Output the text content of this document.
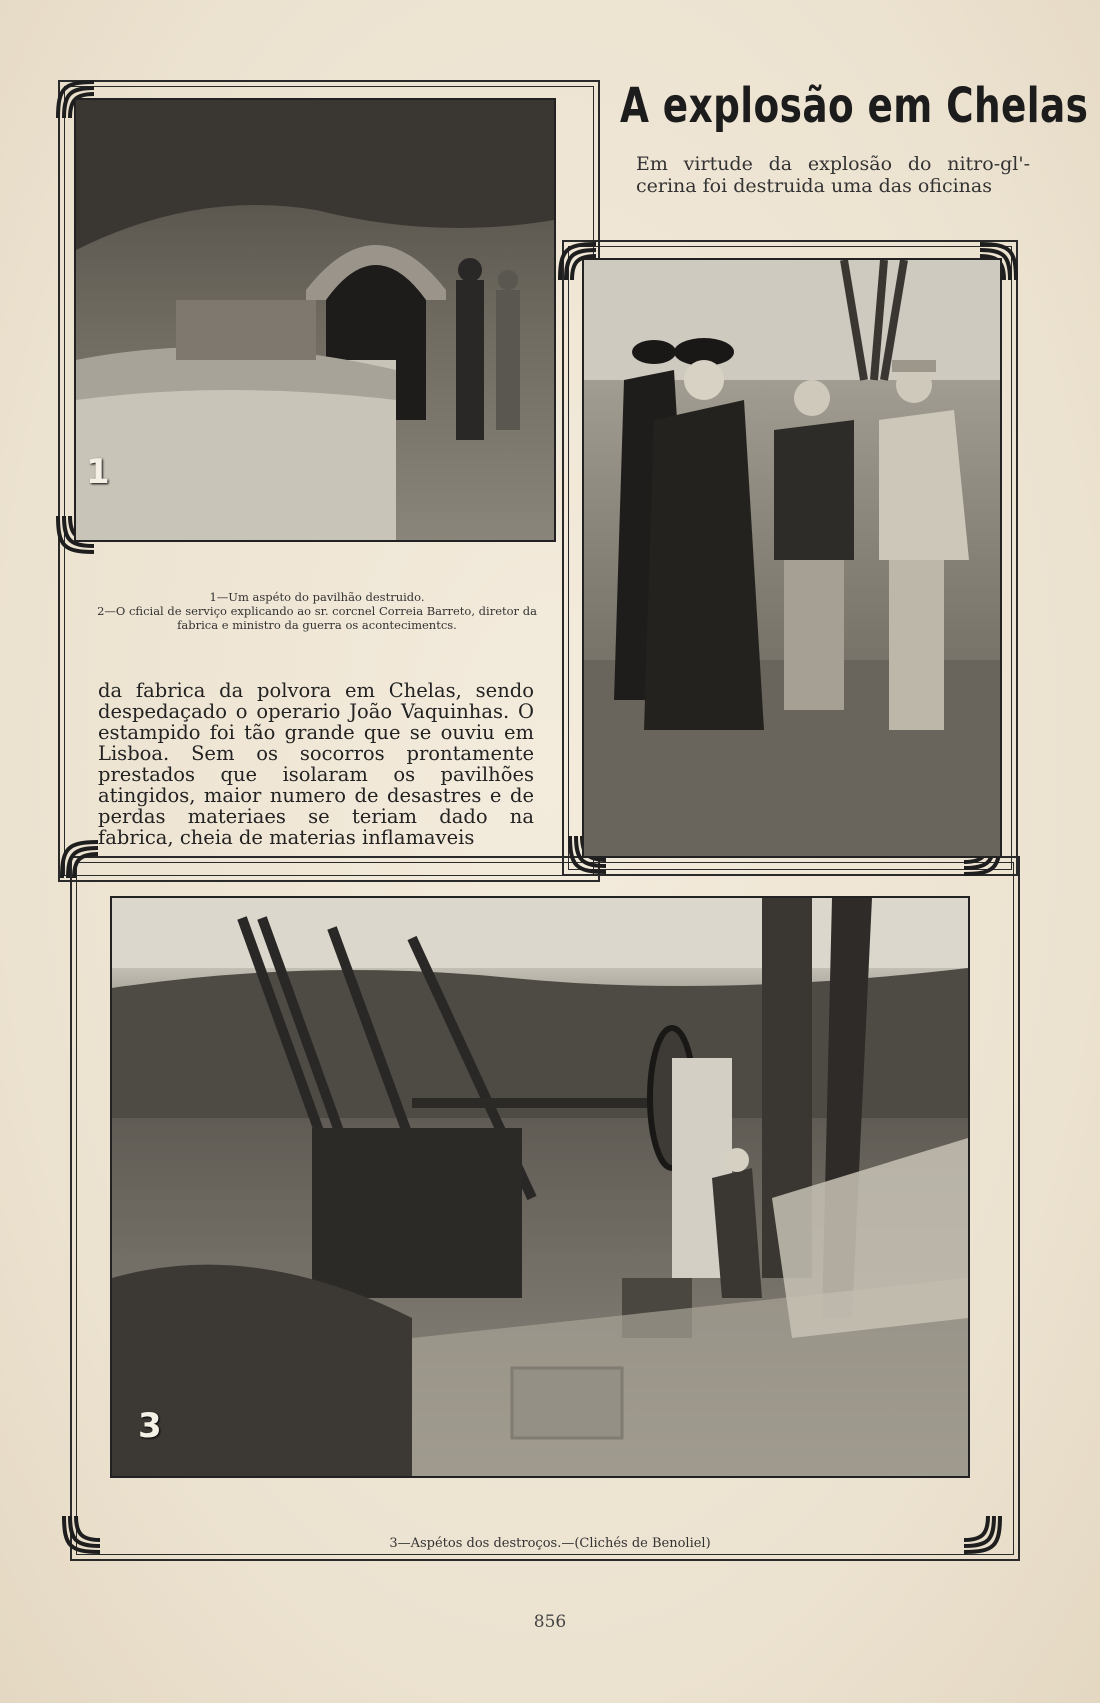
A explosão em Chelas
Em virtude da explosão do nitro-gl'-cerina foi destruida uma das oficinas
1
3

1—Um aspéto do pavilhão destruido.

2—O cficial de serviço explicando ao sr. corcnel Correia Barreto, diretor da fabrica e ministro da guerra os acontecimentcs.

da fabrica da polvora em Chelas, sendo despedaçado o operario João Vaquinhas. O estampido foi tão grande que se ouviu em Lisboa. Sem os socorros prontamente prestados que isolaram os pavilhões atingidos, maior numero de desastres e de perdas materiaes se teriam dado na fabrica, cheia de materias inflamaveis
3—Aspétos dos destroços.—(Clichés de Benoliel)
856
